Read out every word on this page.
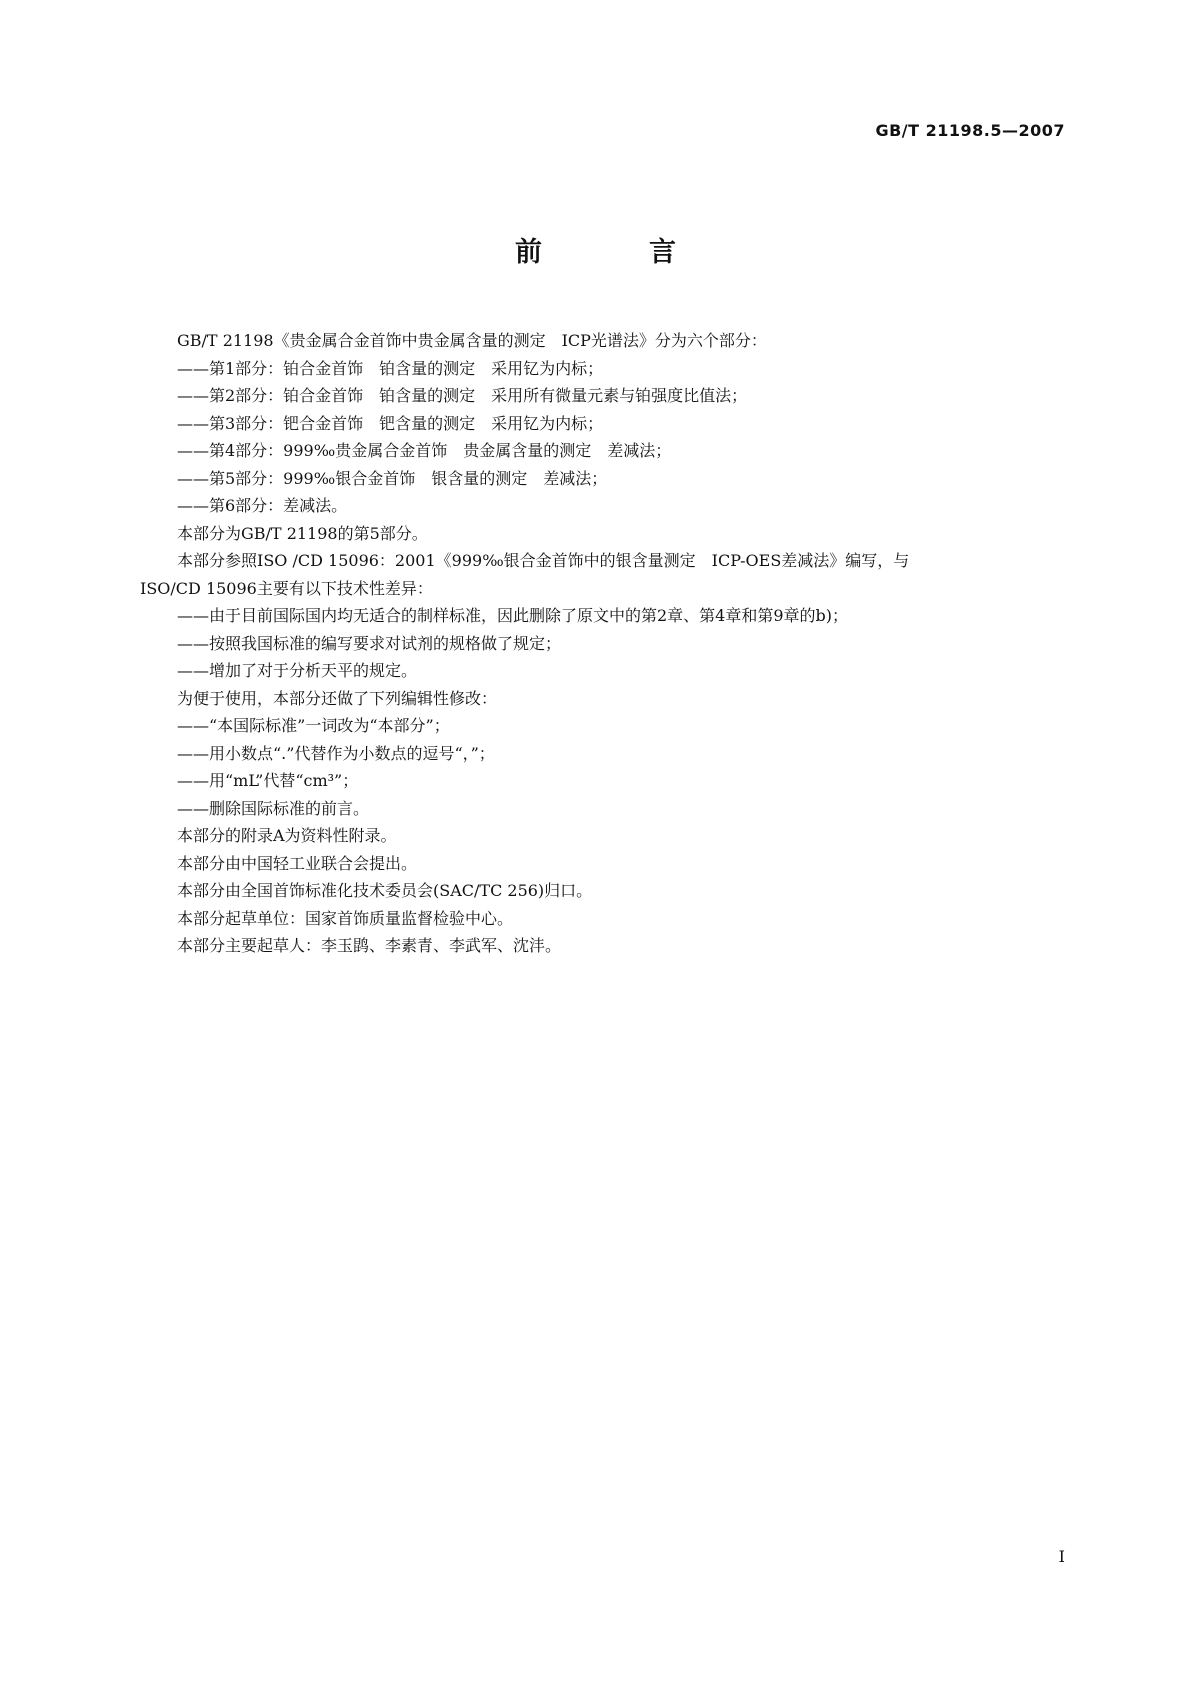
GB/T 21198.5—2007
前　言
GB/T 21198《贵金属合金首饰中贵金属含量的测定　ICP光谱法》分为六个部分：
——第1部分：铂合金首饰　铂含量的测定　采用钇为内标；
——第2部分：铂合金首饰　铂含量的测定　采用所有微量元素与铂强度比值法；
——第3部分：钯合金首饰　钯含量的测定　采用钇为内标；
——第4部分：999‰贵金属合金首饰　贵金属含量的测定　差减法；
——第5部分：999‰银合金首饰　银含量的测定　差减法；
——第6部分：差减法。
本部分为GB/T 21198的第5部分。
本部分参照ISO /CD 15096：2001《999‰银合金首饰中的银含量测定　ICP-OES差减法》编写，与
ISO/CD 15096主要有以下技术性差异：
——由于目前国际国内均无适合的制样标准，因此删除了原文中的第2章、第4章和第9章的b)；
——按照我国标准的编写要求对试剂的规格做了规定；
——增加了对于分析天平的规定。
为便于使用，本部分还做了下列编辑性修改：
——“本国际标准”一词改为“本部分”；
——用小数点“.”代替作为小数点的逗号“，”；
——用“mL”代替“cm³”；
——删除国际标准的前言。
本部分的附录A为资料性附录。
本部分由中国轻工业联合会提出。
本部分由全国首饰标准化技术委员会(SAC/TC 256)归口。
本部分起草单位：国家首饰质量监督检验中心。
本部分主要起草人：李玉鹍、李素青、李武军、沈沣。
I
